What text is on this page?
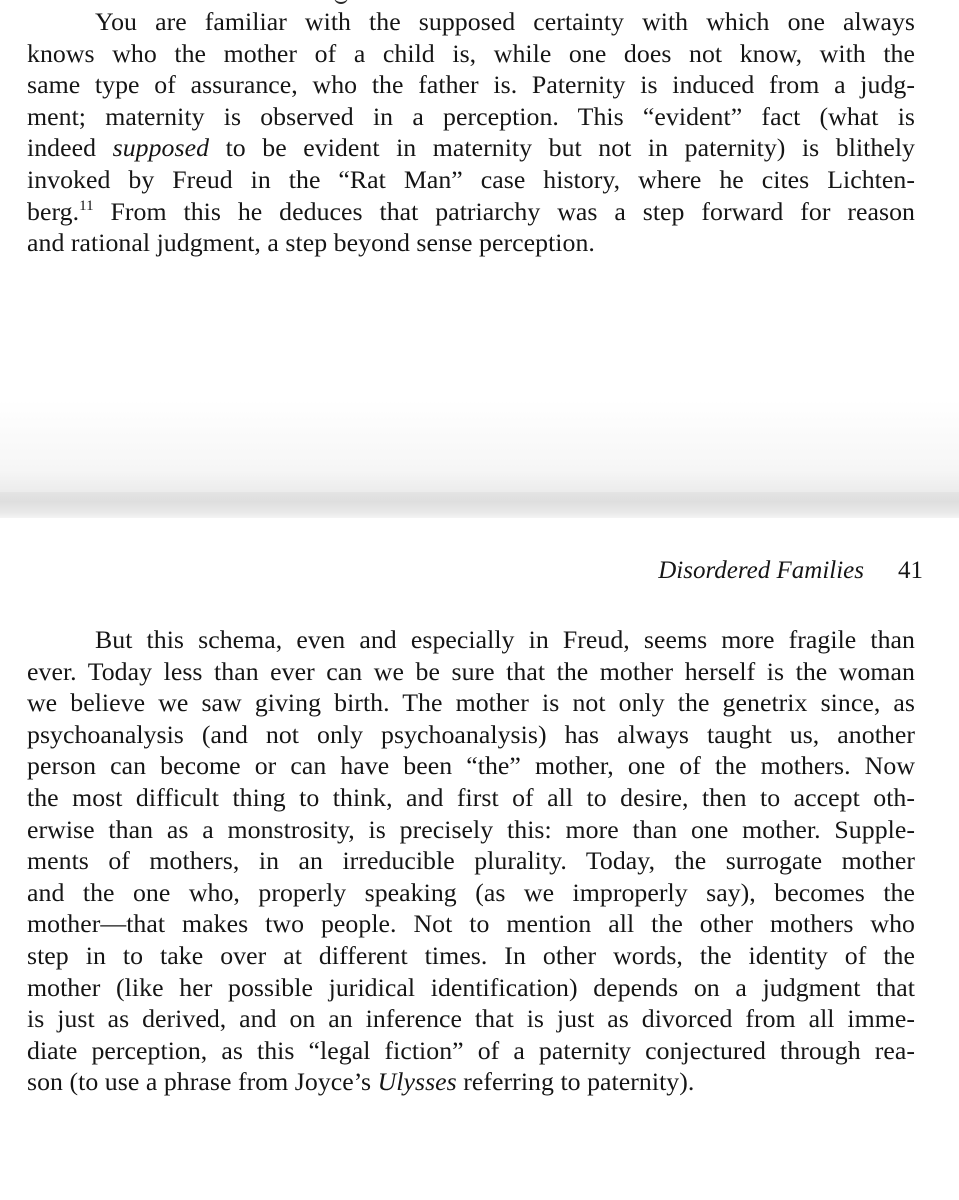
You are familiar with the supposed certainty with which one always
knows who the mother of a child is, while one does not know, with the
same type of assurance, who the father is. Paternity is induced from a judg-
ment; maternity is observed in a perception. This “evident” fact (what is
indeed supposed to be evident in maternity but not in paternity) is blithely
invoked by Freud in the “Rat Man” case history, where he cites Lichten-
berg.$^{11}$ From this he deduces that patriarchy was a step forward for reason
and rational judgment, a step beyond sense perception.

Disordered Families 41

But this schema, even and especially in Freud, seems more fragile than
ever. Today less than ever can we be sure that the mother herself is the woman
we believe we saw giving birth. The mother is not only the genetrix since, as
psychoanalysis (and not only psychoanalysis) has always taught us, another
person can become or can have been “the” mother, one of the mothers. Now
the most difficult thing to think, and first of all to desire, then to accept oth-
erwise than as a monstrosity, is precisely this: more than one mother. Supple-
ments of mothers, in an irreducible plurality. Today, the surrogate mother
and the one who, properly speaking (as we improperly say), becomes the
mother—that makes two people. Not to mention all the other mothers who
step in to take over at different times. In other words, the identity of the
mother (like her possible juridical identification) depends on a judgment that
is just as derived, and on an inference that is just as divorced from all imme-
diate perception, as this “legal fiction” of a paternity conjectured through rea-
son (to use a phrase from Joyce’s Ulysses referring to paternity).
